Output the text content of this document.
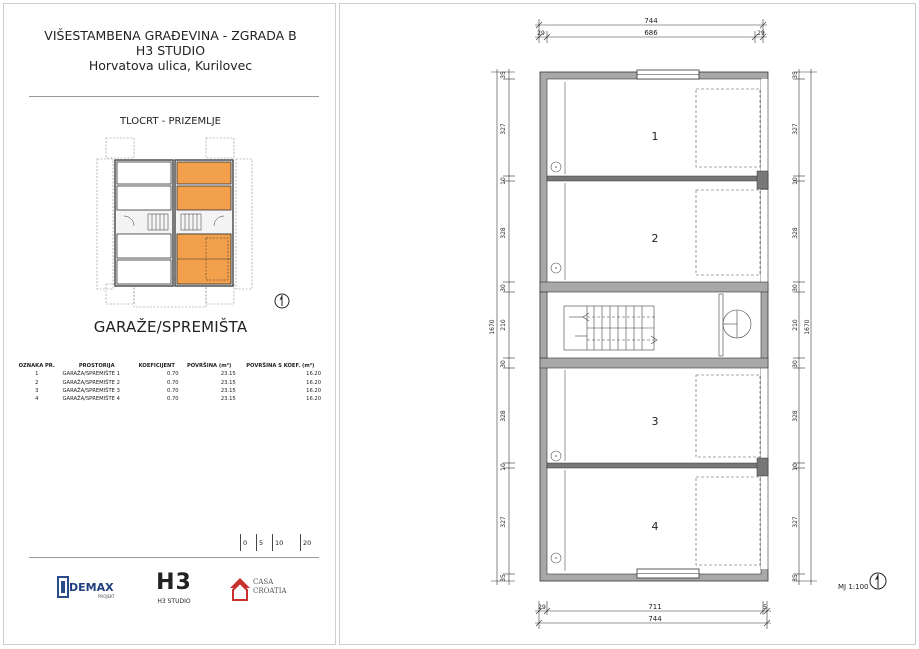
VIŠESTAMBENA GRAĐEVINA - ZGRADA B
H3 STUDIO
Horvatova ulica, Kurilovec
TLOCRT - PRIZEMLJE
GARAŽE/SPREMIŠTA
OZNAKA PR.	PROSTORIJA	KOEFICIJENT	POVRŠINA (m²)	POVRŠINA S KOEF. (m²)
1	GARAŽA/SPREMIŠTE 1	0.70	23.15	16.20
2	GARAŽA/SPREMIŠTE 2	0.70	23.15	16.20
3	GARAŽA/SPREMIŠTE 3	0.70	23.15	16.20
4	GARAŽA/SPREMIŠTE 4	0.70	23.15	16.20
0 5 10	20
DEMAX
PROJEKT
H3
H3 STUDIO
CASA
CROATIA
744
686
29	29
1
2
3
4
35
327
10
328
30
210
30
328
10
327
35
1670
35
327
10
328
30
210
30
328
10
327
35
1670
711
744
29	5
MJ 1:100
